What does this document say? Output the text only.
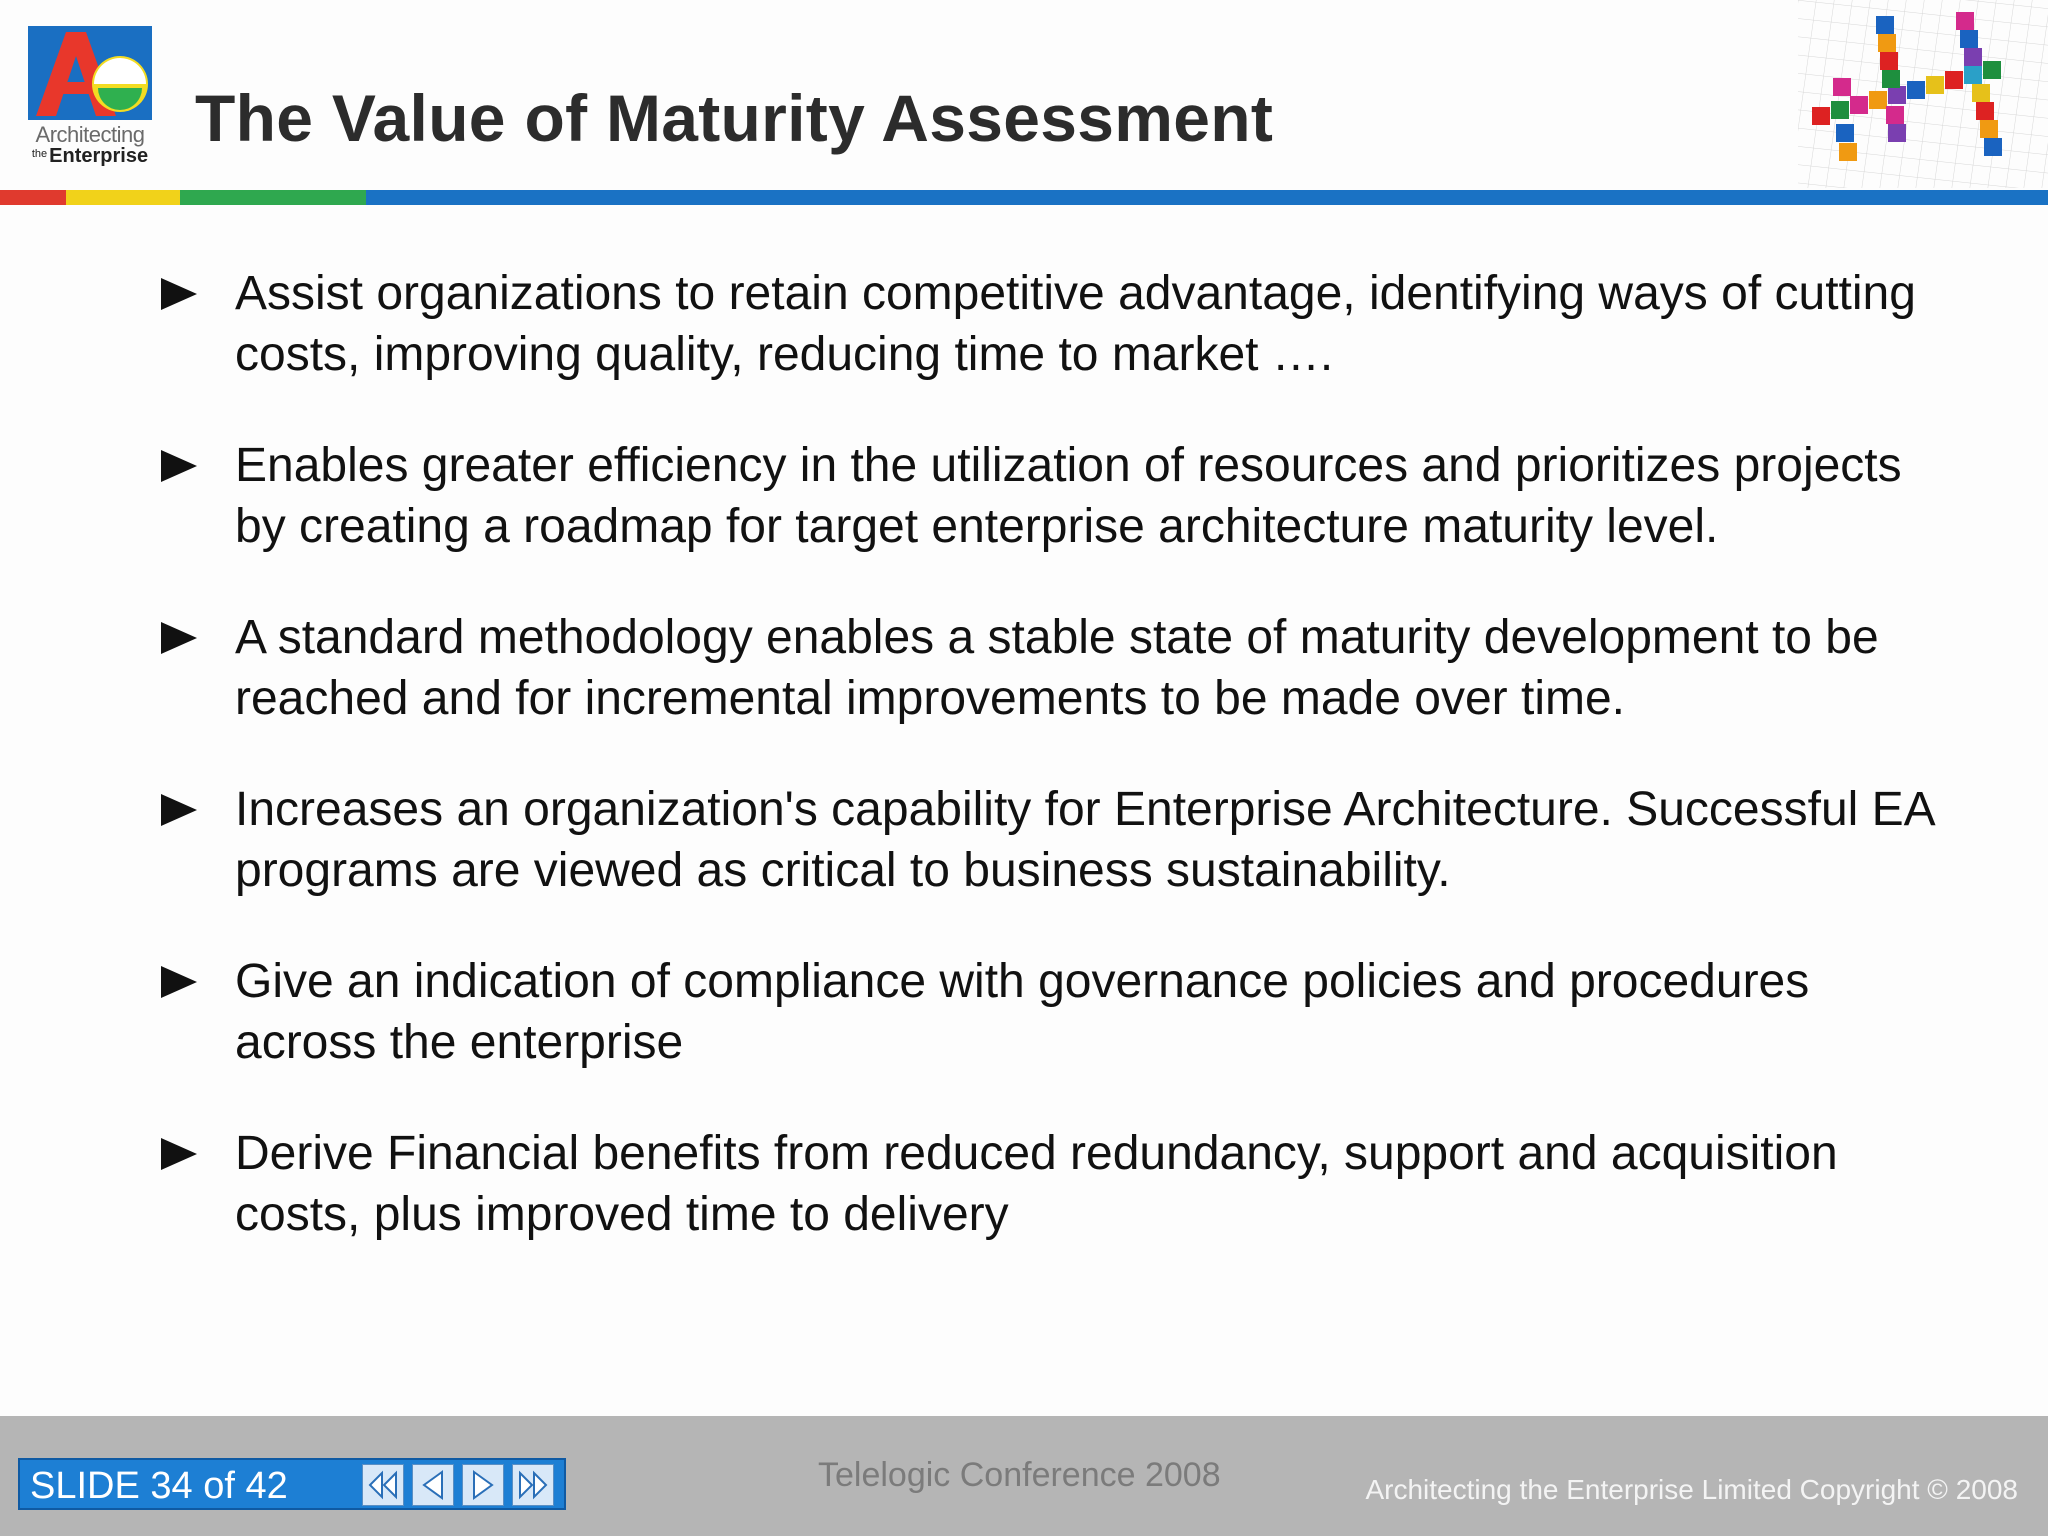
Architecting
$^{the}$ Enterprise
The Value of Maturity Assessment

Assist organizations to retain competitive advantage, identifying ways of cutting costs, improving quality, reducing time to market ….

Enables greater efficiency in the utilization of resources and prioritizes projects by creating a roadmap for target enterprise architecture maturity level.

A standard methodology enables a stable state of maturity development to be reached and for incremental improvements to be made over time.

Increases an organization's capability for Enterprise Architecture. Successful EA programs are viewed as critical to business sustainability.

Give an indication of compliance with governance policies and procedures across the enterprise

Derive Financial benefits from reduced redundancy, support and acquisition costs, plus improved time to delivery

SLIDE 34 of 42	Telelogic Conference 2008	Architecting the Enterprise Limited Copyright © 2008
